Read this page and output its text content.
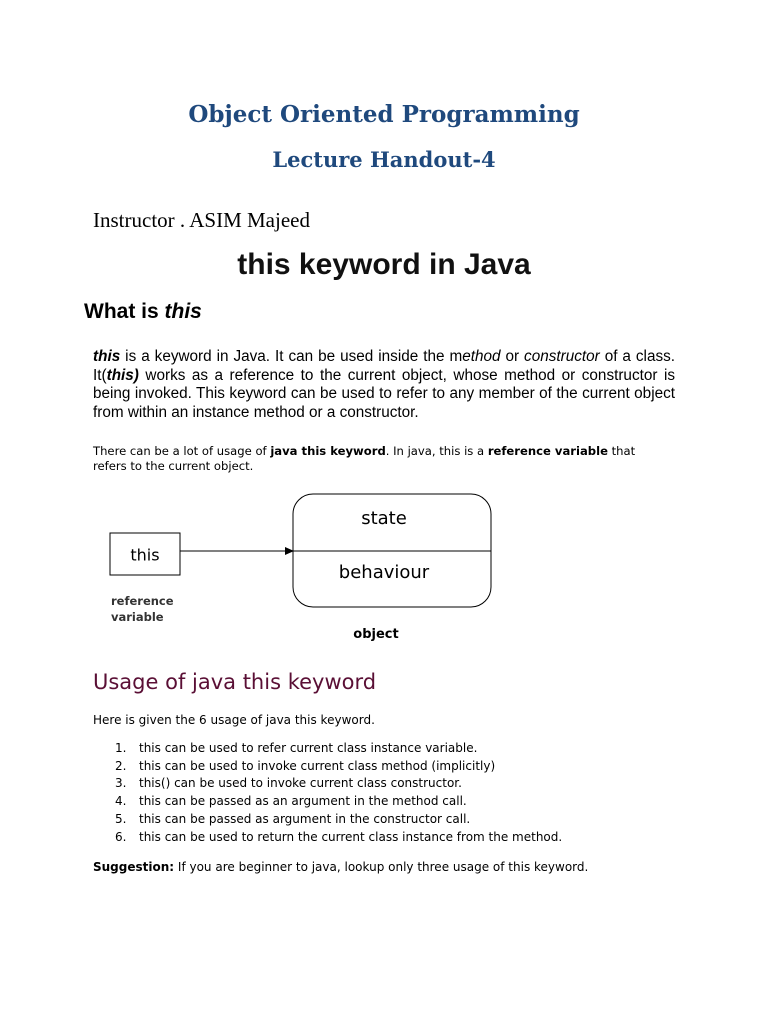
Object Oriented Programming
Lecture Handout-4
Instructor . ASIM Majeed
this keyword in Java
What is this
this is a keyword in Java. It can be used inside the method or constructor of a class. It(this) works as a reference to the current object, whose method or constructor is being invoked. This keyword can be used to refer to any member of the current object from within an instance method or a constructor.
There can be a lot of usage of java this keyword. In java, this is a reference variable that refers to the current object.
this
state
behaviour
reference
variable
object
Usage of java this keyword
Here is given the 6 usage of java this keyword.
1. this can be used to refer current class instance variable.
2. this can be used to invoke current class method (implicitly)
3. this() can be used to invoke current class constructor.
4. this can be passed as an argument in the method call.
5. this can be passed as argument in the constructor call.
6. this can be used to return the current class instance from the method.
Suggestion: If you are beginner to java, lookup only three usage of this keyword.
